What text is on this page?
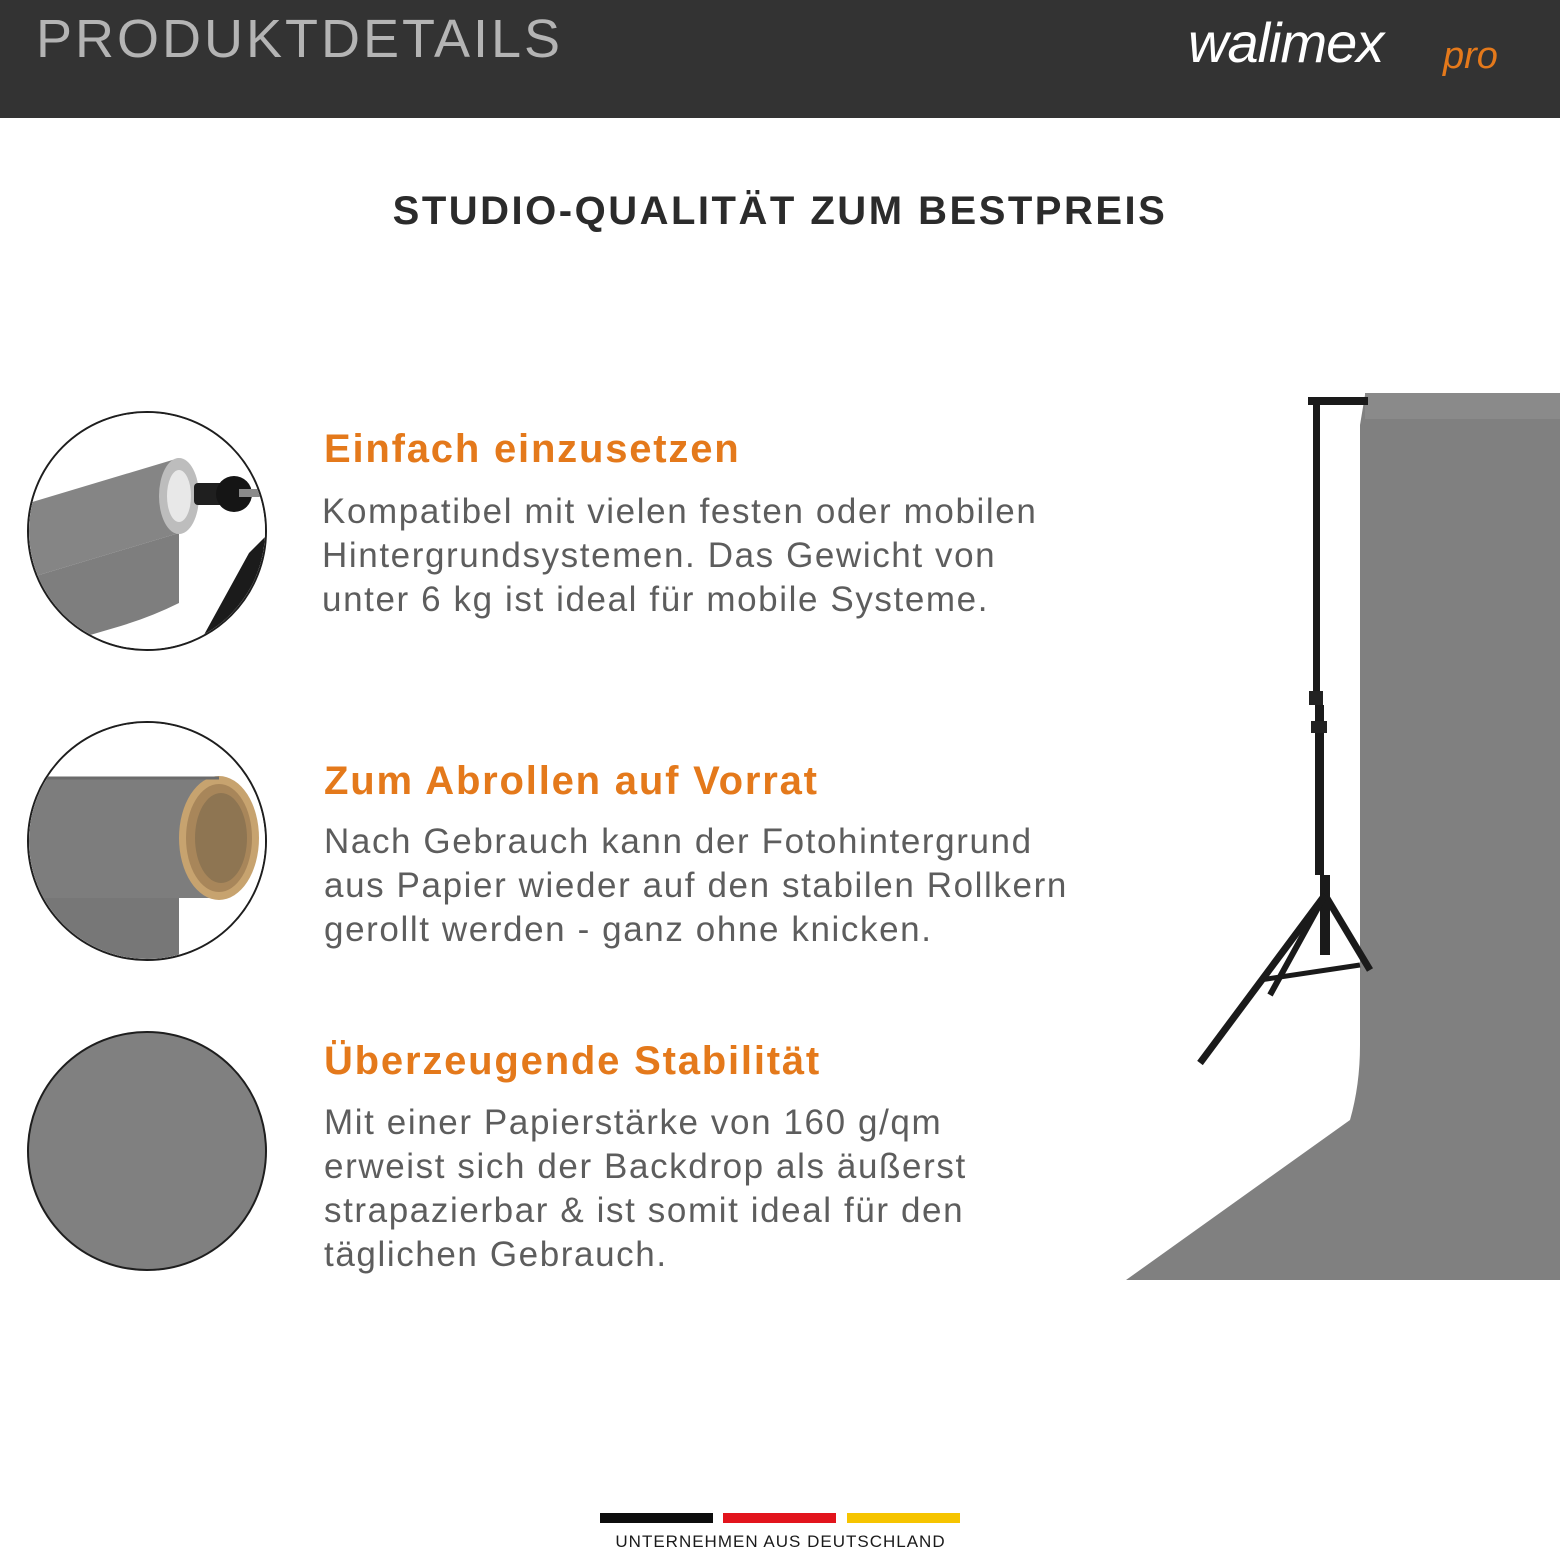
PRODUKTDETAILS	walimex pro
STUDIO-QUALITÄT ZUM BESTPREIS
Einfach einzusetzen
Kompatibel mit vielen festen oder mobilen
Hintergrundsystemen. Das Gewicht von
unter 6 kg ist ideal für mobile Systeme.
Zum Abrollen auf Vorrat
Nach Gebrauch kann der Fotohintergrund
aus Papier wieder auf den stabilen Rollkern
gerollt werden - ganz ohne knicken.
Überzeugende Stabilität
Mit einer Papierstärke von 160 g/qm
erweist sich der Backdrop als äußerst
strapazierbar & ist somit ideal für den
täglichen Gebrauch.
UNTERNEHMEN AUS DEUTSCHLAND
